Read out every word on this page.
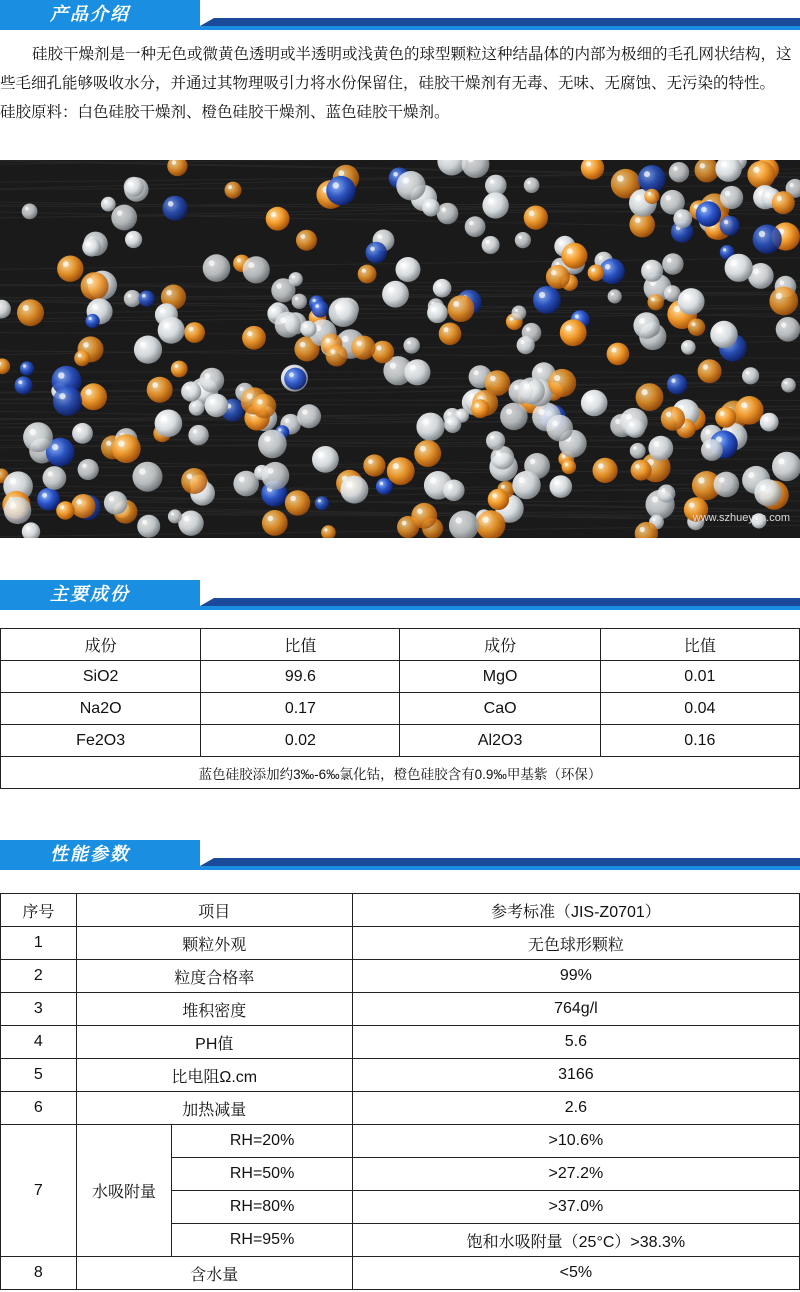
产品介绍

硅胶干燥剂是一种无色或微黄色透明或半透明或浅黄色的球型颗粒这种结晶体的内部为极细的毛孔网状结构，这些毛细孔能够吸收水分，并通过其物理吸引力将水份保留住，硅胶干燥剂有无毒、无味、无腐蚀、无污染的特性。

硅胶原料：白色硅胶干燥剂、橙色硅胶干燥剂、蓝色硅胶干燥剂。

www.szhueyan.com
主要成份
成份	比值	成份	比值
SiO2	99.6	MgO	0.01
Na2O	0.17	CaO	0.04
Fe2O3	0.02	Al2O3	0.16
蓝色硅胶添加约3‰-6‰氯化钴，橙色硅胶含有0.9‰甲基紫（环保）			
性能参数
序号	项目		参考标准（JIS-Z0701）
1	颗粒外观		无色球形颗粒
2	粒度合格率		99%
3	堆积密度		764g/l
4	PH值		5.6
5	比电阻Ω.cm		3166
6	加热减量		2.6
7	水吸附量	RH=20%	>10.6%
		RH=50%	>27.2%
		RH=80%	>37.0%
		RH=95%	饱和水吸附量（25°C）>38.3%
8	含水量		<5%
